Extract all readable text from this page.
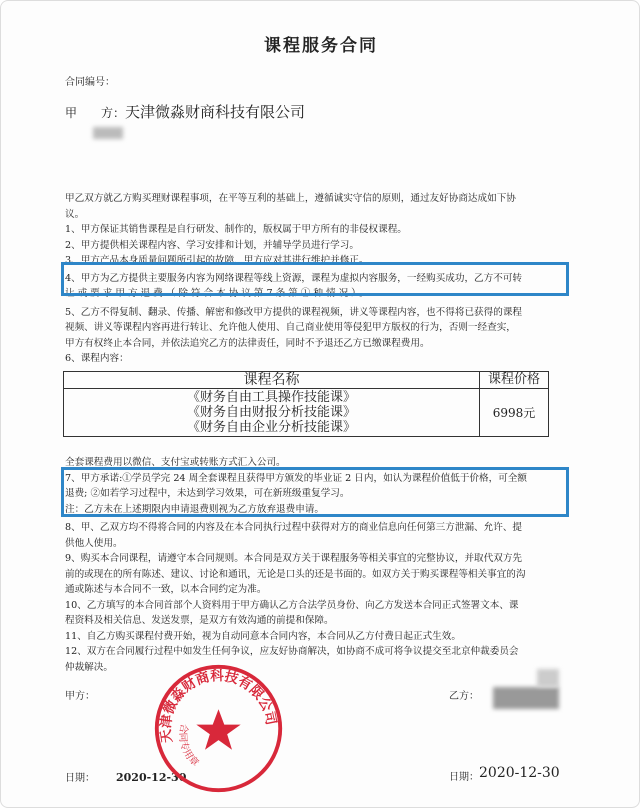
课程服务合同
合同编号：
甲　　方： 天津微淼财商科技有限公司

甲乙双方就乙方购买理财课程事项，在平等互利的基础上，遵循诚实守信的原则，通过友好协商达成如下协

议。

1、甲方保证其销售课程是自行研发、制作的，版权属于甲方所有的非侵权课程。

2、甲方提供相关课程内容、学习安排和计划，并辅导学员进行学习。

3、甲方产品本身质量问题所引起的故障，甲方应对其进行维护并修正。

4、甲方为乙方提供主要服务内容为网络课程等线上资源，课程为虚拟内容服务，一经购买成功，乙方不可转

让或要求甲方退费（除符合本协议第7条第①种情况）。

5、乙方不得复制、翻录、传播、解密和修改甲方提供的课程视频，讲义等课程内容，也不得将已获得的课程

视频、讲义等课程内容再进行转让、允许他人使用、自己商业使用等侵犯甲方版权的行为，否则一经查实，

甲方有权终止本合同，并依法追究乙方的法律责任，同时不予退还乙方已缴课程费用。

6、课程内容：

课程名称	课程价格

《财务自由工具操作技能课》
《财务自由财报分析技能课》
《财务自由企业分析技能课》	6998元

全套课程费用以微信、支付宝或转账方式汇入公司。

7、甲方承诺:①学员学完 24 周全套课程且获得甲方颁发的毕业证 2 日内，如认为课程价值低于价格，可全额

退费; ②如若学习过程中，未达到学习效果，可在新班级重复学习。

注：乙方未在上述期限内申请退费则视为乙方放弃退费申请。

8、甲、乙双方均不得将合同的内容及在本合同执行过程中获得对方的商业信息向任何第三方泄漏、允许、提

供他人使用。

9、购买本合同课程，请遵守本合同规则。本合同是双方关于课程服务等相关事宜的完整协议，并取代双方先

前的或现在的所有陈述、建议、讨论和通讯，无论是口头的还是书面的。如双方关于购买课程等相关事宜的沟

通或陈述与本合同不一致，以本合同约定为准。

10、乙方填写的本合同首部个人资料用于甲方确认乙方合法学员身份、向乙方发送本合同正式签署文本、课

程资料及相关信息、发送发票，是双方有效沟通的前提和保障。

11、自乙方购买课程付费开始，视为自动同意本合同内容，本合同从乙方付费日起正式生效。

12、双方在合同履行过程中如发生任何争议，应友好协商解决，如协商不成可将争议提交至北京仲裁委员会

仲裁解决。

甲方：	乙方：
日期： 2020-12-30	日期： 2020-12-30
天津微淼财商科技有限公司
合同专用章
